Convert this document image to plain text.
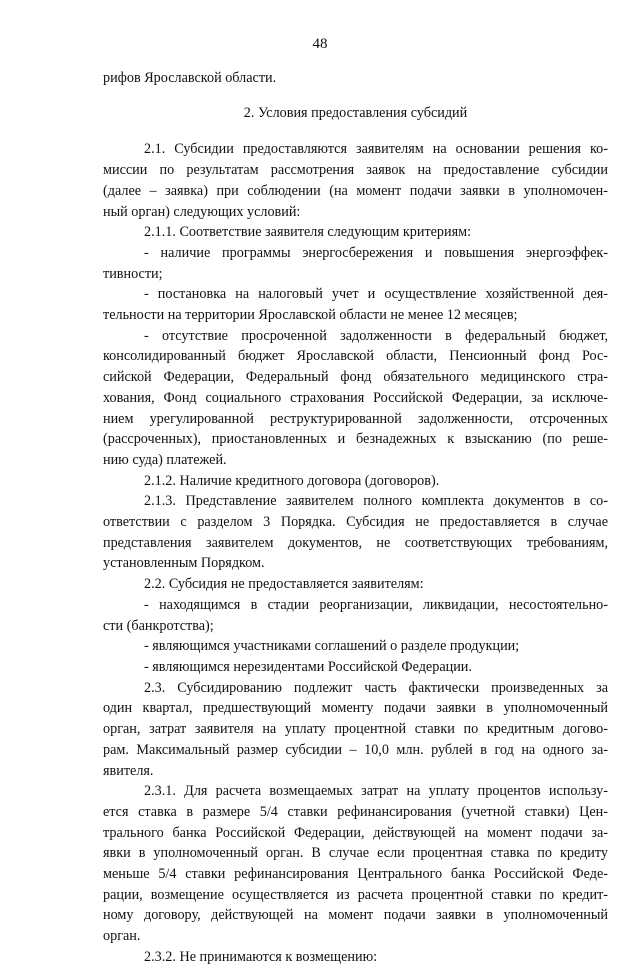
48
рифов Ярославской области.
2. Условия предоставления субсидий
2.1. Субсидии предоставляются заявителям на основании решения ко-
миссии по результатам рассмотрения заявок на предоставление субсидии
(далее – заявка) при соблюдении (на момент подачи заявки в уполномочен-
ный орган) следующих условий:
2.1.1. Соответствие заявителя следующим критериям:
- наличие программы энергосбережения и повышения энергоэффек-
тивности;
- постановка на налоговый учет и осуществление хозяйственной дея-
тельности на территории Ярославской области не менее 12 месяцев;
- отсутствие просроченной задолженности в федеральный бюджет,
консолидированный бюджет Ярославской области, Пенсионный фонд Рос-
сийской Федерации, Федеральный фонд обязательного медицинского стра-
хования, Фонд социального страхования Российской Федерации, за исключе-
нием урегулированной реструктурированной задолженности, отсроченных
(рассроченных), приостановленных и безнадежных к взысканию (по реше-
нию суда) платежей.
2.1.2. Наличие кредитного договора (договоров).
2.1.3. Представление заявителем полного комплекта документов в со-
ответствии с разделом 3 Порядка. Субсидия не предоставляется в случае
представления заявителем документов, не соответствующих требованиям,
установленным Порядком.
2.2. Субсидия не предоставляется заявителям:
- находящимся в стадии реорганизации, ликвидации, несостоятельно-
сти (банкротства);
- являющимся участниками соглашений о разделе продукции;
- являющимся нерезидентами Российской Федерации.
2.3. Субсидированию подлежит часть фактически произведенных за
один квартал, предшествующий моменту подачи заявки в уполномоченный
орган, затрат заявителя на уплату процентной ставки по кредитным догово-
рам. Максимальный размер субсидии – 10,0 млн. рублей в год на одного за-
явителя.
2.3.1. Для расчета возмещаемых затрат на уплату процентов использу-
ется ставка в размере 5/4 ставки рефинансирования (учетной ставки) Цен-
трального банка Российской Федерации, действующей на момент подачи за-
явки в уполномоченный орган. В случае если процентная ставка по кредиту
меньше 5/4 ставки рефинансирования Центрального банка Российской Феде-
рации, возмещение осуществляется из расчета процентной ставки по кредит-
ному договору, действующей на момент подачи заявки в уполномоченный
орган.
2.3.2. Не принимаются к возмещению:
